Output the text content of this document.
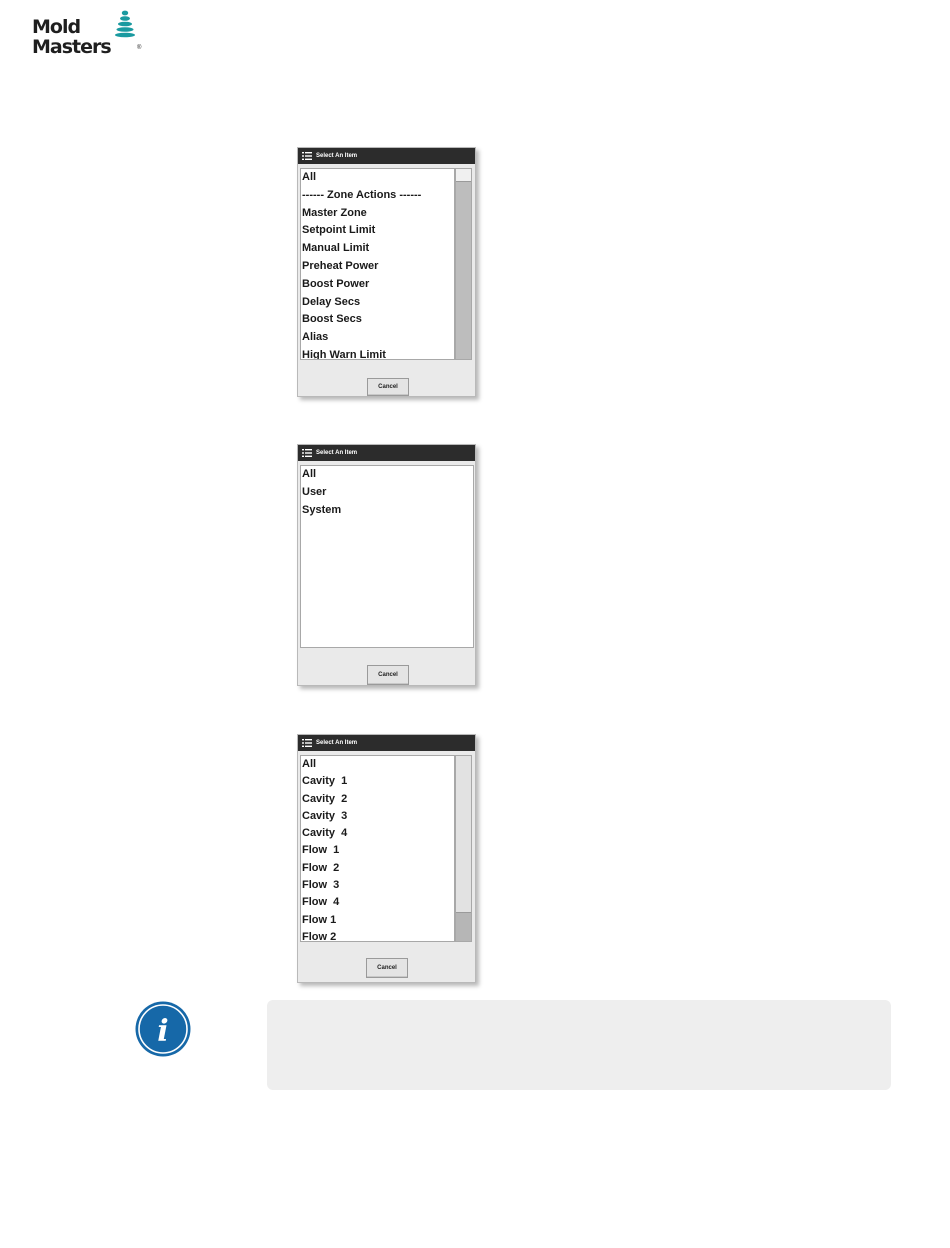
Mold
Masters	®
Select An Item
All
------ Zone Actions ------
Master Zone
Setpoint Limit
Manual Limit
Preheat Power
Boost Power
Delay Secs
Boost Secs
Alias
High Warn Limit
Cancel
Select An Item
All
User
System
Cancel
Select An Item
All
Cavity  1
Cavity  2
Cavity  3
Cavity  4
Flow  1
Flow  2
Flow  3
Flow  4
Flow 1
Flow 2
Cancel
i
